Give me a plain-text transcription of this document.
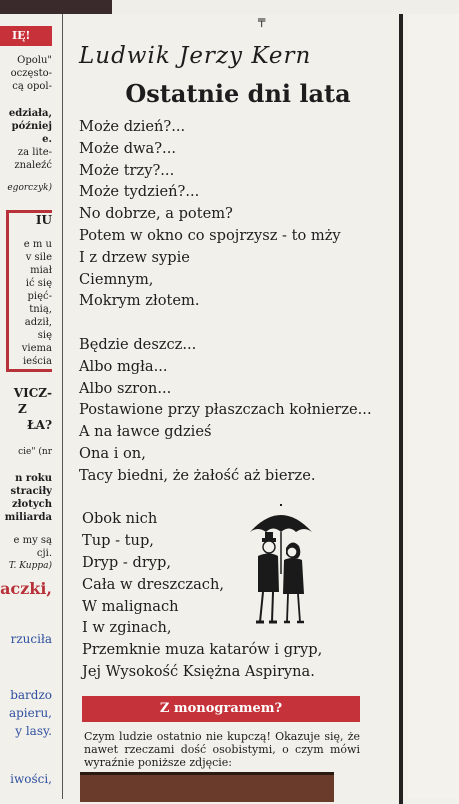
╤
IĘ!
Opolu"
oczęsto-
cą opol-
edziała,
później
e.
za lite-
znaleźć
egorczyk)
IU
e m u
v sile
miał
ić się
pięć-
tnią,
adził,
się
viema
ieścia
VICZ-
Z
ŁA?
cie" (nr
n roku
straciły
złotych
miliarda
e my są
cji.
T. Kuppa)
aczki,
rzuciła
bardzo
apieru,
y lasy.
iwości,
Ludwik Jerzy Kern
Ostatnie dni lata
Może dzień?...
Może dwa?...
Może trzy?...
Może tydzień?...
No dobrze, a potem?
Potem w okno co spojrzysz - to mży
I z drzew sypie
Ciemnym,
Mokrym złotem.
Będzie deszcz...
Albo mgła...
Albo szron...
Postawione przy płaszczach kołnierze...
A na ławce gdzieś
Ona i on,
Tacy biedni, że żałość aż bierze.
Obok nich
Tup - tup,
Dryp - dryp,
Cała w dreszczach,
W malignach
I w zginach,
Przemknie muza katarów i gryp,
Jej Wysokość Księżna Aspiryna.
Z monogramem?
Czym ludzie ostatnio nie kupczą! Okazuje się, że nawet rzeczami dość osobistymi, o czym mówi wyraźnie poniższe zdjęcie:
